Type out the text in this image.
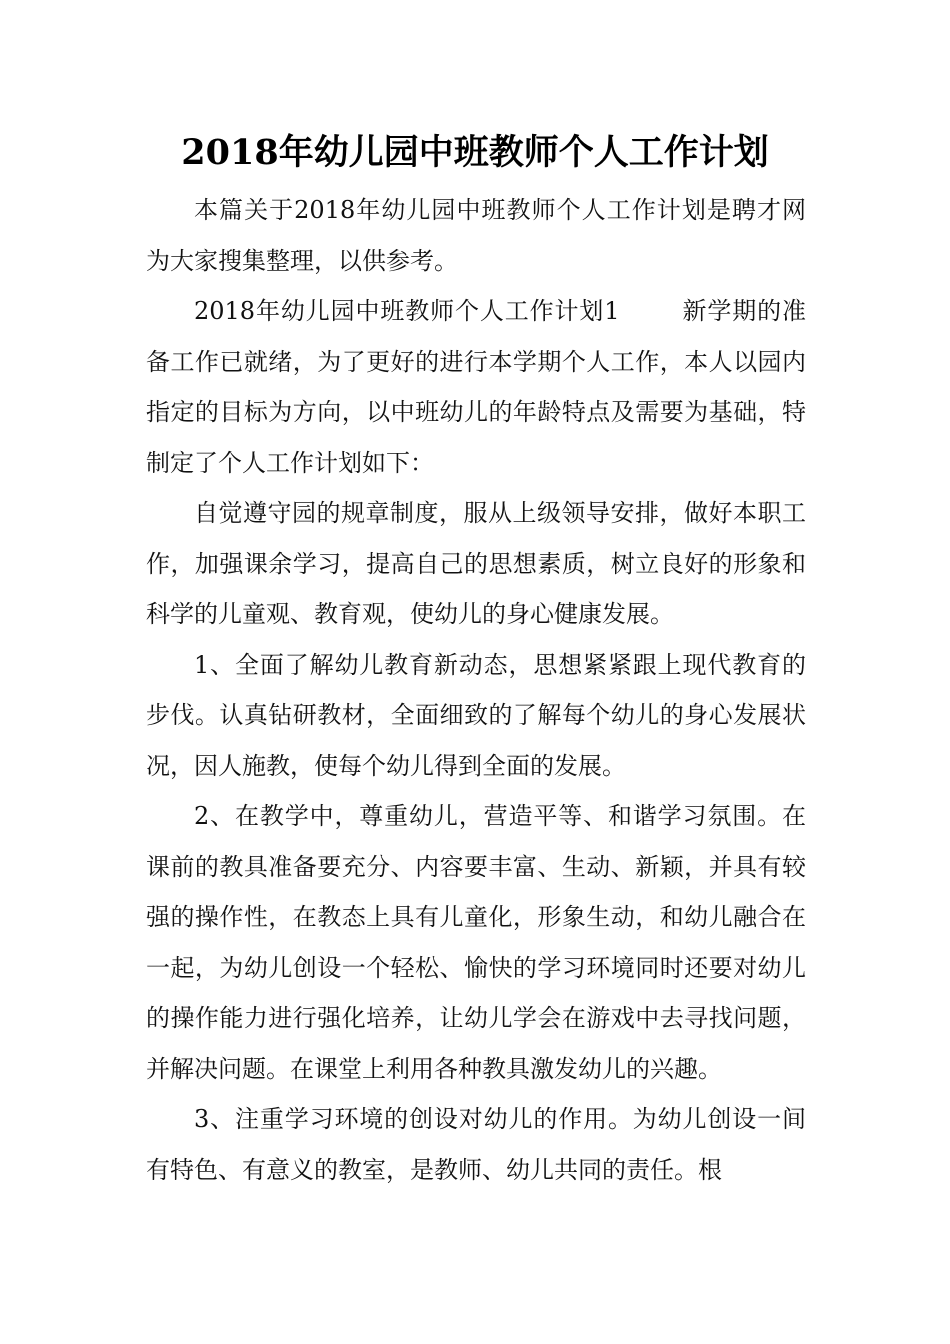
2018年幼儿园中班教师个人工作计划

本篇关于2018年幼儿园中班教师个人工作计划是聘才网为大家搜集整理，以供参考。

2018年幼儿园中班教师个人工作计划1	新学期的准备工作已就绪，为了更好的进行本学期个人工作，本人以园内指定的目标为方向，以中班幼儿的年龄特点及需要为基础，特制定了个人工作计划如下：

自觉遵守园的规章制度，服从上级领导安排，做好本职工作，加强课余学习，提高自己的思想素质，树立良好的形象和科学的儿童观、教育观，使幼儿的身心健康发展。

1、全面了解幼儿教育新动态，思想紧紧跟上现代教育的步伐。认真钻研教材，全面细致的了解每个幼儿的身心发展状况，因人施教，使每个幼儿得到全面的发展。

2、在教学中，尊重幼儿，营造平等、和谐学习氛围。在课前的教具准备要充分、内容要丰富、生动、新颖，并具有较强的操作性，在教态上具有儿童化，形象生动，和幼儿融合在一起，为幼儿创设一个轻松、愉快的学习环境同时还要对幼儿的操作能力进行强化培养，让幼儿学会在游戏中去寻找问题，并解决问题。在课堂上利用各种教具激发幼儿的兴趣。

3、注重学习环境的创设对幼儿的作用。为幼儿创设一间有特色、有意义的教室，是教师、幼儿共同的责任。根
